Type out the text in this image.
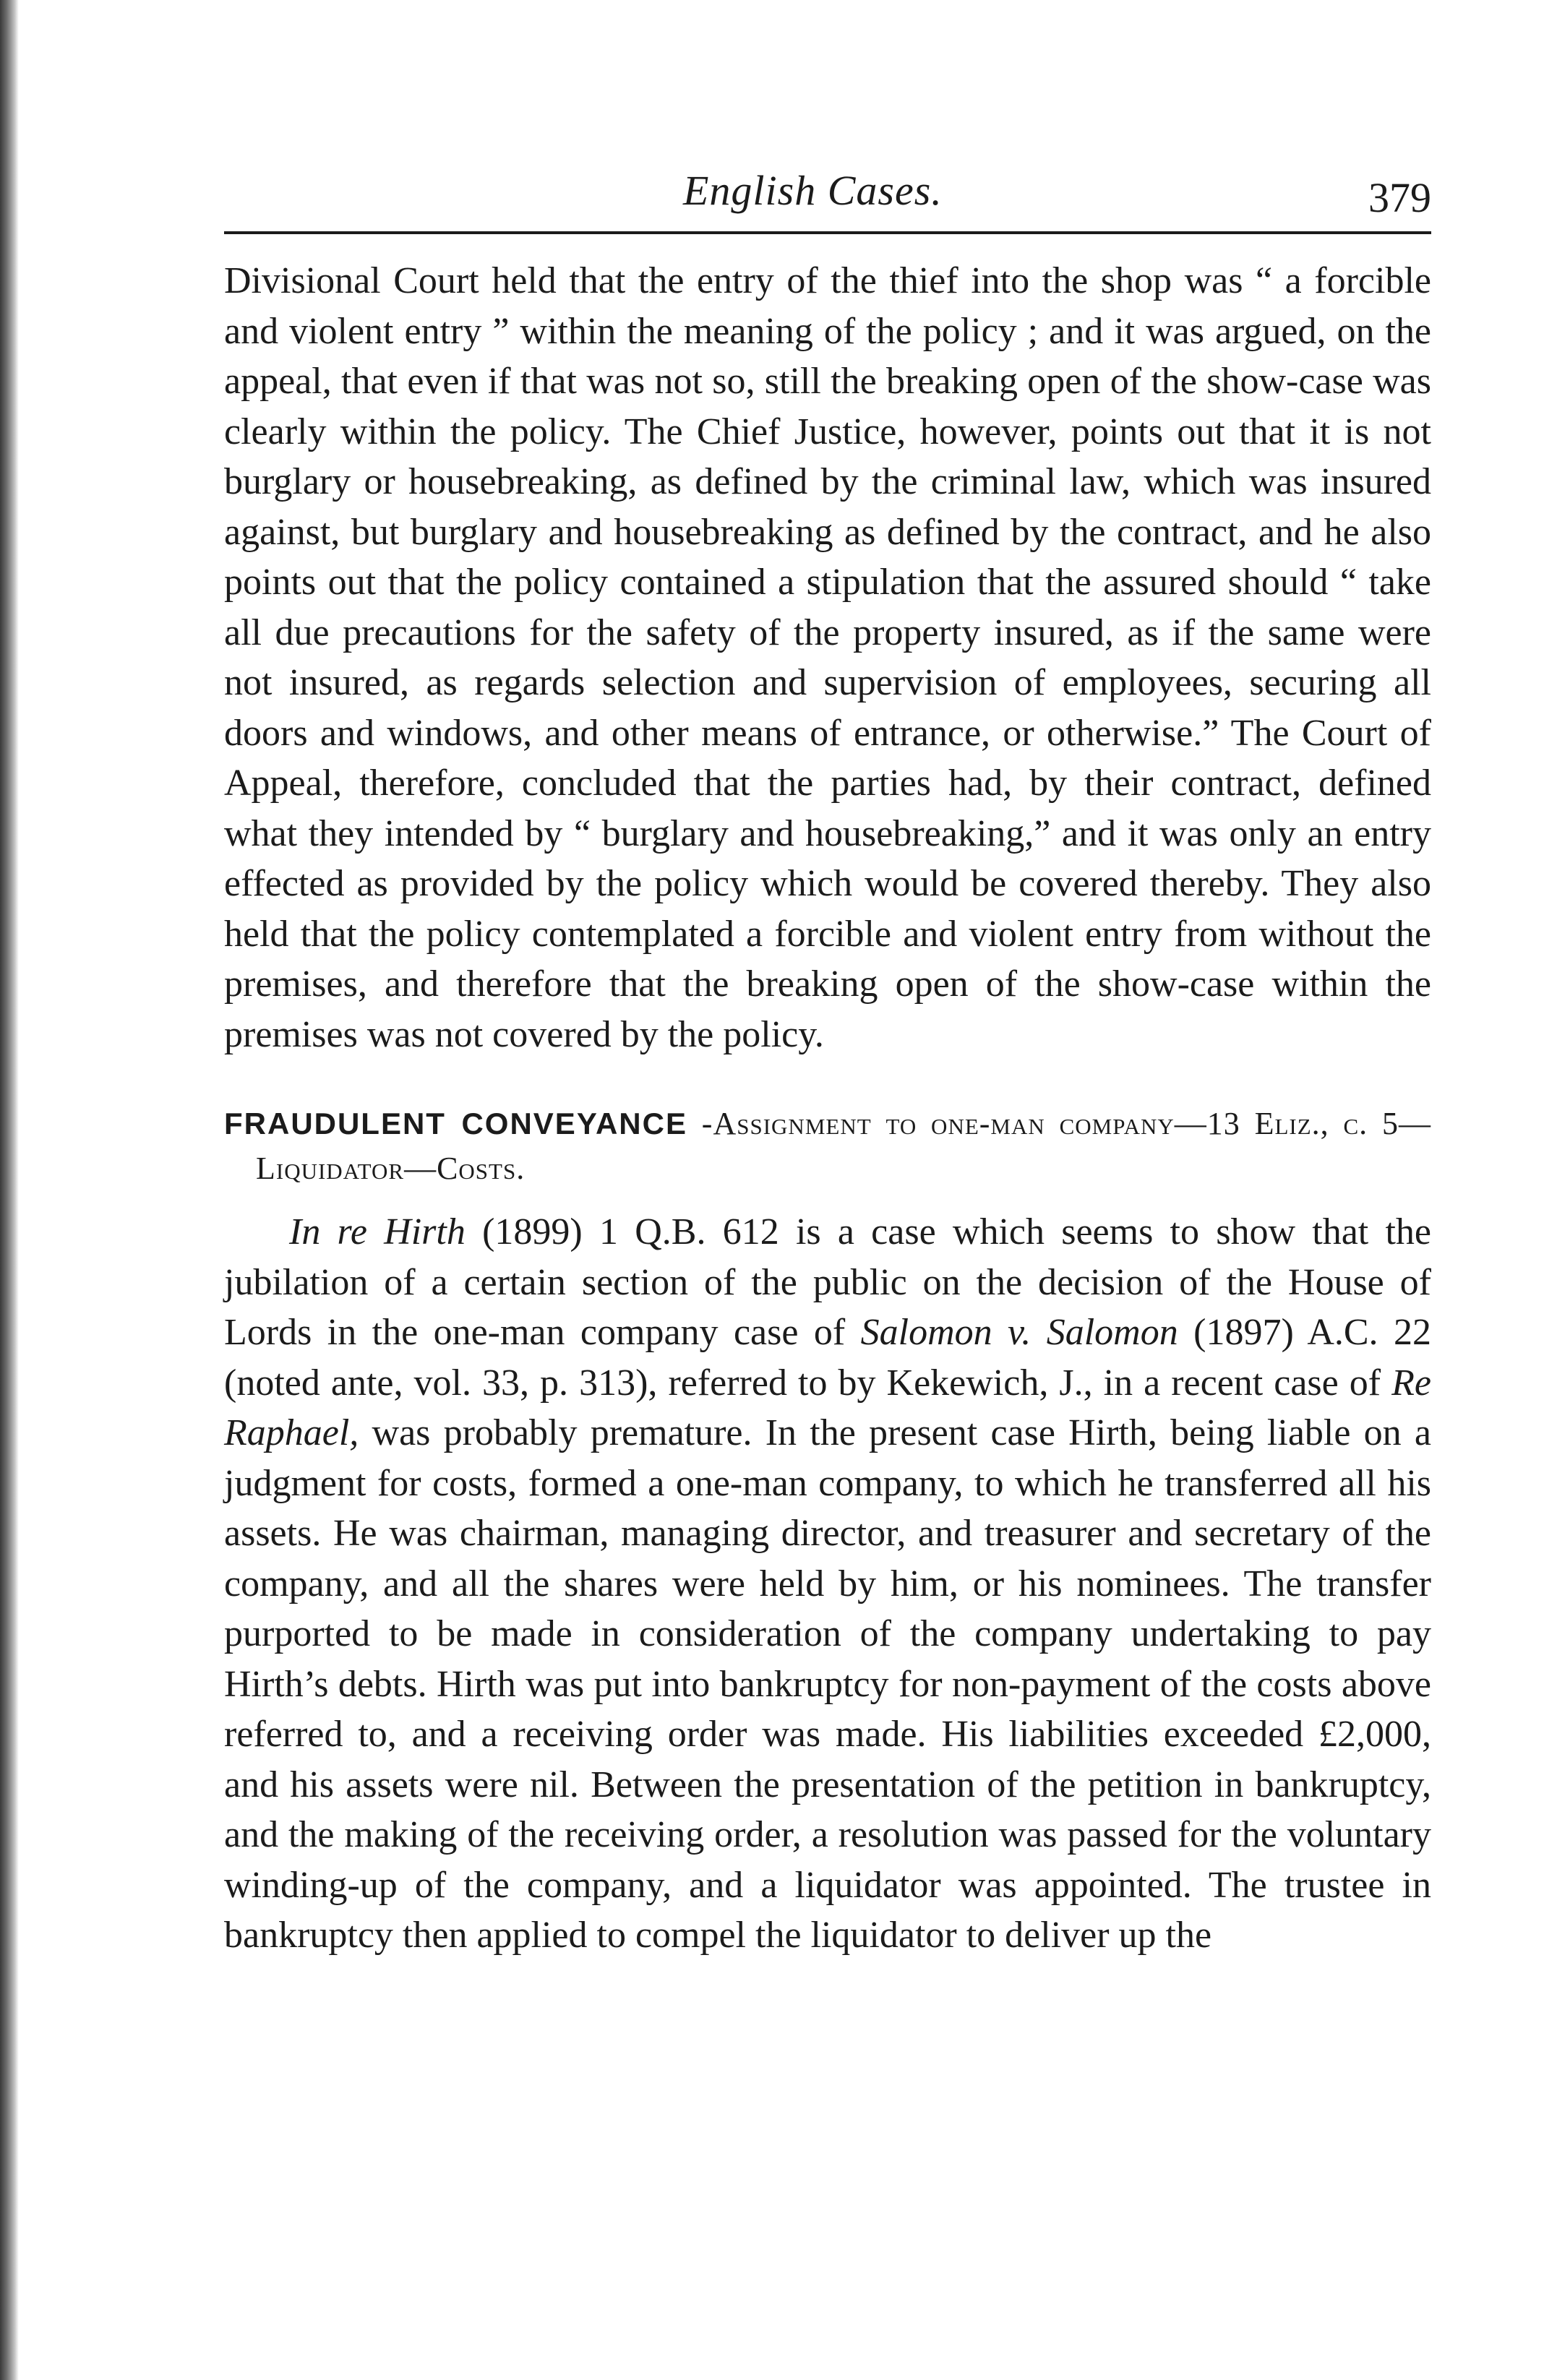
English Cases.	379

Divisional Court held that the entry of the thief into the shop was “ a forcible and violent entry ” within the meaning of the policy ; and it was argued, on the appeal, that even if that was not so, still the breaking open of the show-case was clearly within the policy. The Chief Justice, however, points out that it is not burglary or housebreaking, as defined by the criminal law, which was insured against, but burglary and housebreaking as defined by the contract, and he also points out that the policy contained a stipulation that the assured should “ take all due precautions for the safety of the property insured, as if the same were not insured, as regards selection and supervision of employees, securing all doors and windows, and other means of entrance, or otherwise.” The Court of Appeal, therefore, concluded that the parties had, by their contract, defined what they intended by “ burglary and housebreaking,” and it was only an entry effected as provided by the policy which would be covered thereby. They also held that the policy contemplated a forcible and violent entry from without the premises, and therefore that the breaking open of the show-case within the premises was not covered by the policy.

FRAUDULENT CONVEYANCE -Assignment to one-man company—13 Eliz., c. 5—Liquidator—Costs.

In re Hirth (1899) 1 Q.B. 612 is a case which seems to show that the jubilation of a certain section of the public on the decision of the House of Lords in the one-man company case of Salomon v. Salomon (1897) A.C. 22 (noted ante, vol. 33, p. 313), referred to by Kekewich, J., in a recent case of Re Raphael, was probably premature. In the present case Hirth, being liable on a judgment for costs, formed a one-man company, to which he transferred all his assets. He was chairman, managing director, and treasurer and secretary of the company, and all the shares were held by him, or his nominees. The transfer purported to be made in consideration of the company undertaking to pay Hirth’s debts. Hirth was put into bankruptcy for non-payment of the costs above referred to, and a receiving order was made. His liabilities exceeded £2,000, and his assets were nil. Between the presentation of the petition in bankruptcy, and the making of the receiving order, a resolution was passed for the voluntary winding-up of the company, and a liquidator was appointed. The trustee in bankruptcy then applied to compel the liquidator to deliver up the
